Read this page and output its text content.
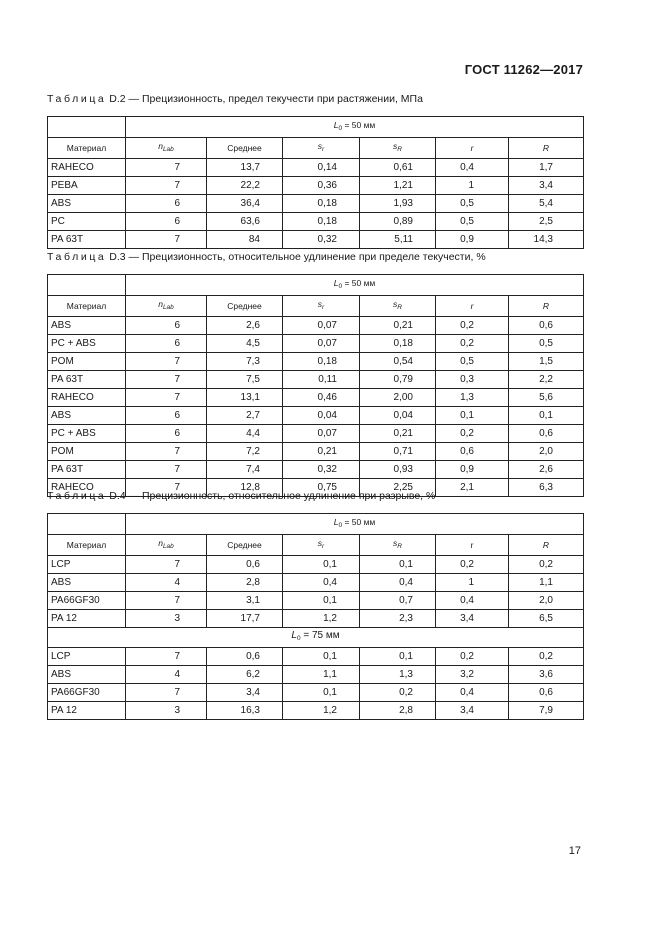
ГОСТ 11262—2017
Таблица D.2 — Прецизионность, предел текучести при растяжении, МПа
	$L_0 = 50$ мм					
Материал	$n_{Lab}$	Среднее	$s_r$	$s_R$	r	R
RAHECO	7	13,7	0,14	0,61	0,4	1,7
PEBA	7	22,2	0,36	1,21	1	3,4
ABS	6	36,4	0,18	1,93	0,5	5,4
PC	6	63,6	0,18	0,89	0,5	2,5
PA 63T	7	84	0,32	5,11	0,9	14,3
Таблица D.3 — Прецизионность, относительное удлинение при пределе текучести, %
	$L_0 = 50$ мм					
Материал	$n_{Lab}$	Среднее	$s_r$	$s_R$	r	R
ABS	6	2,6	0,07	0,21	0,2	0,6
PC + ABS	6	4,5	0,07	0,18	0,2	0,5
POM	7	7,3	0,18	0,54	0,5	1,5
PA 63T	7	7,5	0,11	0,79	0,3	2,2
RAHECO	7	13,1	0,46	2,00	1,3	5,6
ABS	6	2,7	0,04	0,04	0,1	0,1
PC + ABS	6	4,4	0,07	0,21	0,2	0,6
POM	7	7,2	0,21	0,71	0,6	2,0
PA 63T	7	7,4	0,32	0,93	0,9	2,6
RAHECO	7	12,8	0,75	2,25	2,1	6,3
Таблица D.4 — Прецизионность, относительное удлинение при разрыве, %
	$L_0 = 50$ мм					
Материал	$n_{Lab}$	Среднее	$s_r$	$s_R$	r	R
LCP	7	0,6	0,1	0,1	0,2	0,2
ABS	4	2,8	0,4	0,4	1	1,1
PA66GF30	7	3,1	0,1	0,7	0,4	2,0
PA 12	3	17,7	1,2	2,3	3,4	6,5
$L_0 = 75$ мм						
LCP	7	0,6	0,1	0,1	0,2	0,2
ABS	4	6,2	1,1	1,3	3,2	3,6
PA66GF30	7	3,4	0,1	0,2	0,4	0,6
PA 12	3	16,3	1,2	2,8	3,4	7,9
17
